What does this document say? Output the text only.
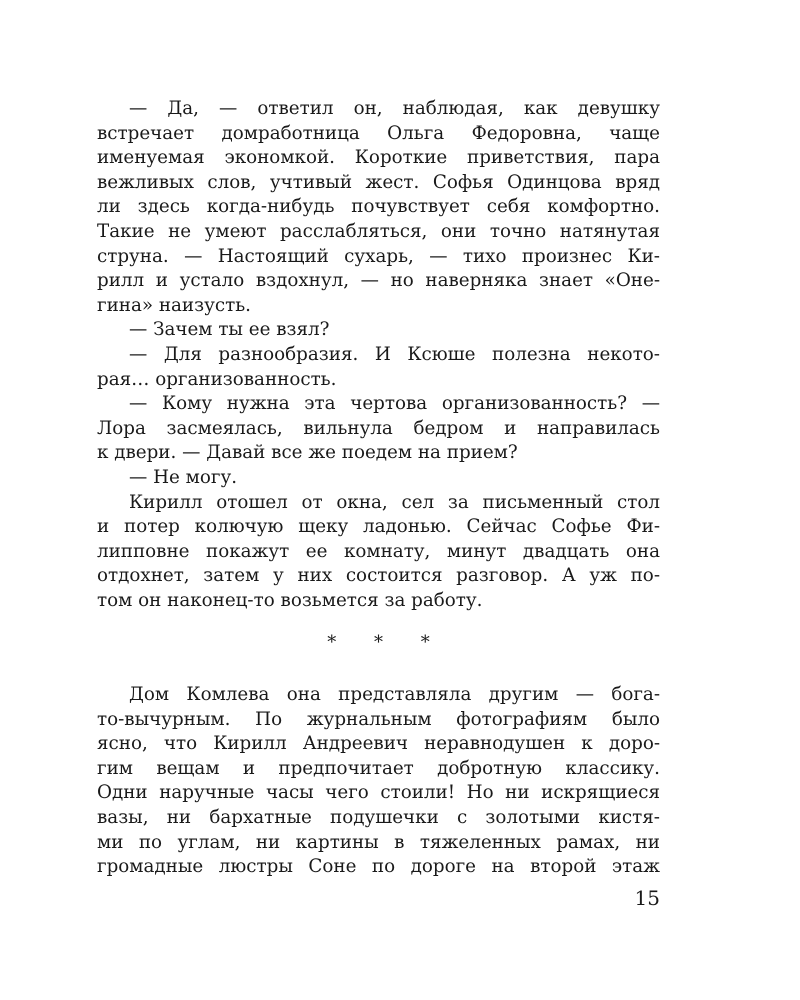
— Да, — ответил он, наблюдая, как девушку
встречает домработница Ольга Федоровна, чаще
именуемая экономкой. Короткие приветствия, пара
вежливых слов, учтивый жест. Софья Одинцова вряд
ли здесь когда-нибудь почувствует себя комфортно.
Такие не умеют расслабляться, они точно натянутая
струна. — Настоящий сухарь, — тихо произнес Ки-
рилл и устало вздохнул, — но наверняка знает «Оне-
гина» наизусть.
— Зачем ты ее взял?
— Для разнообразия. И Ксюше полезна некото-
рая… организованность.
— Кому нужна эта чертова организованность? —
Лора засмеялась, вильнула бедром и направилась
к двери. — Давай все же поедем на прием?
— Не могу.
Кирилл отошел от окна, сел за письменный стол
и потер колючую щеку ладонью. Сейчас Софье Фи-
липповне покажут ее комнату, минут двадцать она
отдохнет, затем у них состоится разговор. А уж по-
том он наконец-то возьмется за работу.
* * *
Дом Комлева она представляла другим — бога-
то-вычурным. По журнальным фотографиям было
ясно, что Кирилл Андреевич неравнодушен к доро-
гим вещам и предпочитает добротную классику.
Одни наручные часы чего стоили! Но ни искрящиеся
вазы, ни бархатные подушечки с золотыми кистя-
ми по углам, ни картины в тяжеленных рамах, ни
громадные люстры Соне по дороге на второй этаж
15
